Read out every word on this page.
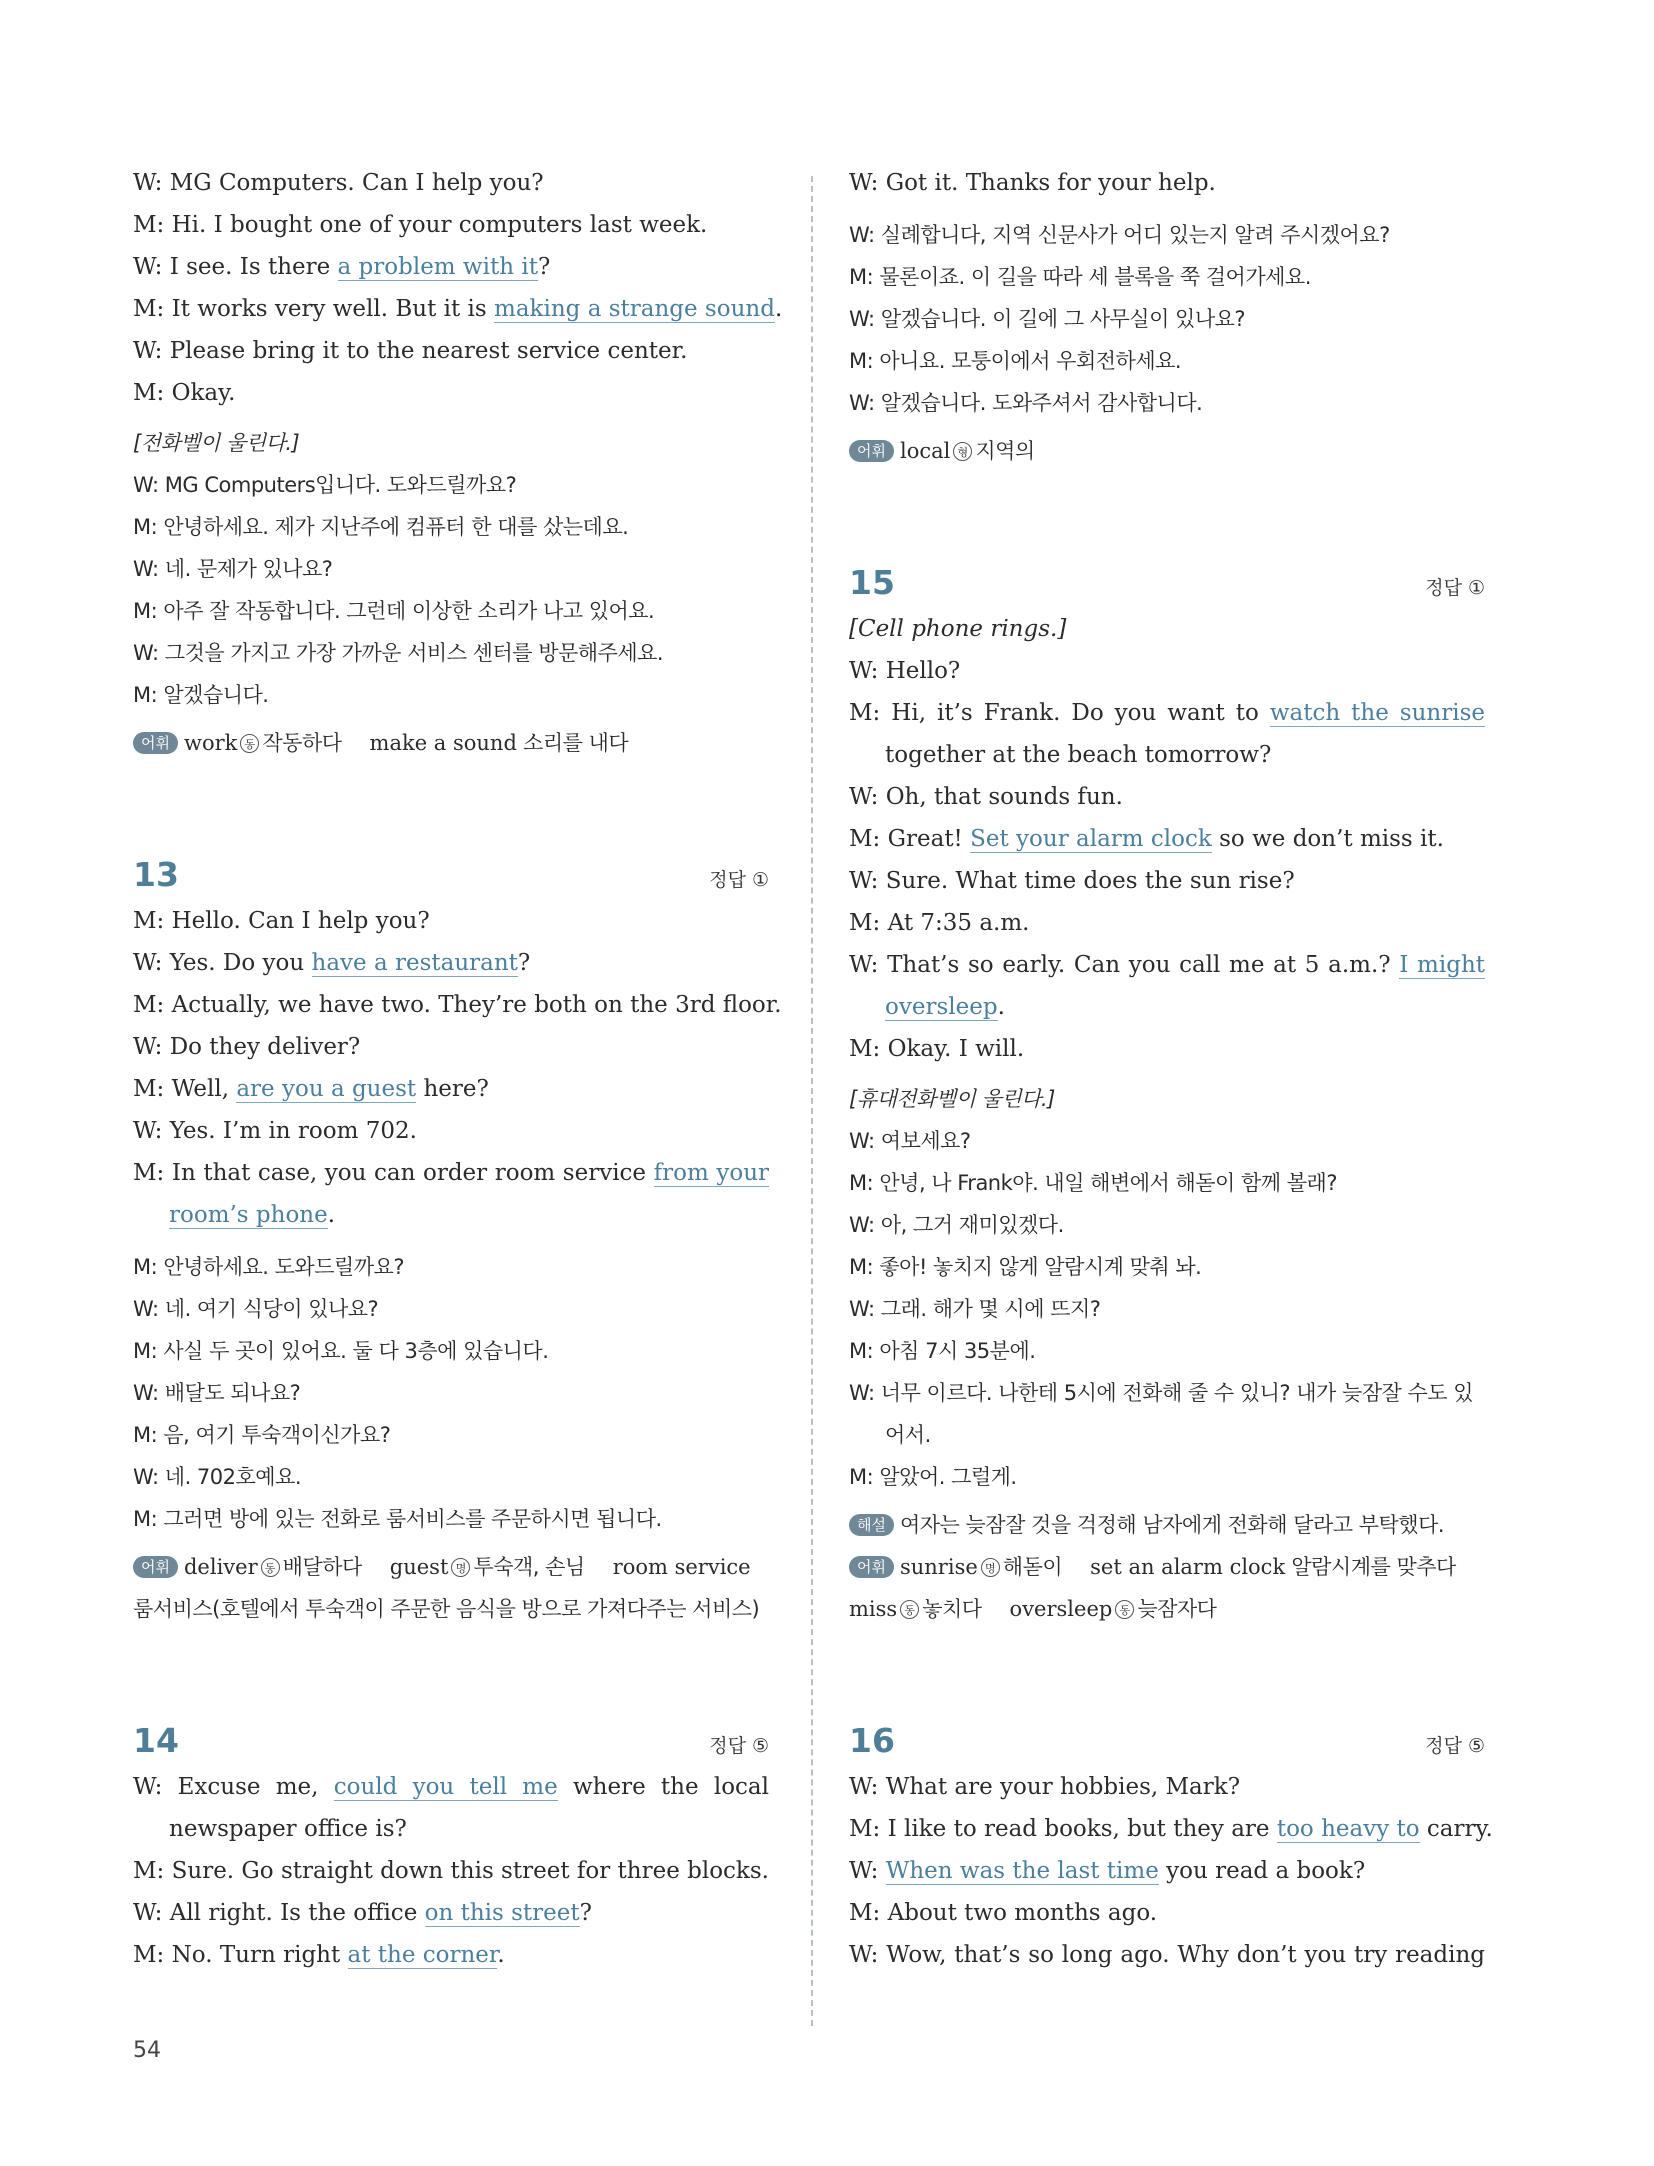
W: MG Computers. Can I help you?
M: Hi. I bought one of your computers last week.
W: I see. Is there a problem with it?
M: It works very well. But it is making a strange sound.
W: Please bring it to the nearest service center.
M: Okay.
[전화벨이 울린다.]
W: MG Computers입니다. 도와드릴까요?
M: 안녕하세요. 제가 지난주에 컴퓨터 한 대를 샀는데요.
W: 네. 문제가 있나요?
M: 아주 잘 작동합니다. 그런데 이상한 소리가 나고 있어요.
W: 그것을 가지고 가장 가까운 서비스 센터를 방문해주세요.
M: 알겠습니다.
어휘 work 동 작동하다 make a sound 소리를 내다
13	정답 ①
M: Hello. Can I help you?
W: Yes. Do you have a restaurant?
M: Actually, we have two. They’re both on the 3rd floor.
W: Do they deliver?
M: Well, are you a guest here?
W: Yes. I’m in room 702.
M: In that case, you can order room service from your
room’s phone.
M: 안녕하세요. 도와드릴까요?
W: 네. 여기 식당이 있나요?
M: 사실 두 곳이 있어요. 둘 다 3층에 있습니다.
W: 배달도 되나요?
M: 음, 여기 투숙객이신가요?
W: 네. 702호예요.
M: 그러면 방에 있는 전화로 룸서비스를 주문하시면 됩니다.
어휘 deliver 동 배달하다 guest 명 투숙객, 손님 room service
룸서비스(호텔에서 투숙객이 주문한 음식을 방으로 가져다주는 서비스)
14	정답 ⑤
W: Excuse me, could you tell me where the local
newspaper office is?
M: Sure. Go straight down this street for three blocks.
W: All right. Is the office on this street?
M: No. Turn right at the corner.
W: Got it. Thanks for your help.
W: 실례합니다, 지역 신문사가 어디 있는지 알려 주시겠어요?
M: 물론이죠. 이 길을 따라 세 블록을 쭉 걸어가세요.
W: 알겠습니다. 이 길에 그 사무실이 있나요?
M: 아니요. 모퉁이에서 우회전하세요.
W: 알겠습니다. 도와주셔서 감사합니다.
어휘 local 형 지역의
15	정답 ①
[Cell phone rings.]
W: Hello?
M: Hi, it’s Frank. Do you want to watch the sunrise
together at the beach tomorrow?
W: Oh, that sounds fun.
M: Great! Set your alarm clock so we don’t miss it.
W: Sure. What time does the sun rise?
M: At 7:35 a.m.
W: That’s so early. Can you call me at 5 a.m.? I might
oversleep.
M: Okay. I will.
[휴대전화벨이 울린다.]
W: 여보세요?
M: 안녕, 나 Frank야. 내일 해변에서 해돋이 함께 볼래?
W: 아, 그거 재미있겠다.
M: 좋아! 놓치지 않게 알람시계 맞춰 놔.
W: 그래. 해가 몇 시에 뜨지?
M: 아침 7시 35분에.
W: 너무 이르다. 나한테 5시에 전화해 줄 수 있니? 내가 늦잠잘 수도 있
어서.
M: 알았어. 그럴게.
해설 여자는 늦잠잘 것을 걱정해 남자에게 전화해 달라고 부탁했다.
어휘 sunrise 명 해돋이 set an alarm clock 알람시계를 맞추다
miss 동 놓치다 oversleep 동 늦잠자다
16	정답 ⑤
W: What are your hobbies, Mark?
M: I like to read books, but they are too heavy to carry.
W: When was the last time you read a book?
M: About two months ago.
W: Wow, that’s so long ago. Why don’t you try reading
54
